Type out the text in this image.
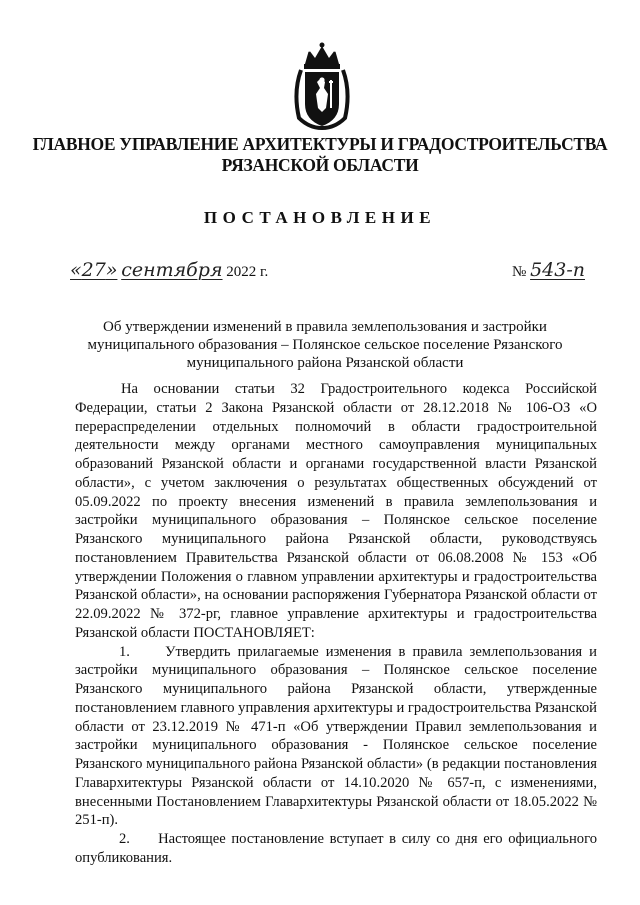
ГЛАВНОЕ УПРАВЛЕНИЕ АРХИТЕКТУРЫ И ГРАДОСТРОИТЕЛЬСТВА
РЯЗАНСКОЙ ОБЛАСТИ
ПОСТАНОВЛЕНИЕ
«27» сентября 2022 г.	№ 543-п
Об утверждении изменений в правила землепользования и застройки муниципального образования – Полянское сельское поселение Рязанского муниципального района Рязанской области

На основании статьи 32 Градостроительного кодекса Российской Федерации, статьи 2 Закона Рязанской области от 28.12.2018 № 106-ОЗ «О перераспределении отдельных полномочий в области градостроительной деятельности между органами местного самоуправления муниципальных образований Рязанской области и органами государственной власти Рязанской области», с учетом заключения о результатах общественных обсуждений от 05.09.2022 по проекту внесения изменений в правила землепользования и застройки муниципального образования – Полянское сельское поселение Рязанского муниципального района Рязанской области, руководствуясь постановлением Правительства Рязанской области от 06.08.2008 № 153 «Об утверждении Положения о главном управлении архитектуры и градостроительства Рязанской области», на основании распоряжения Губернатора Рязанской области от 22.09.2022 № 372-рг, главное управление архитектуры и градостроительства Рязанской области ПОСТАНОВЛЯЕТ:

1.     Утвердить прилагаемые изменения в правила землепользования и застройки муниципального образования – Полянское сельское поселение Рязанского муниципального района Рязанской области, утвержденные постановлением главного управления архитектуры и градостроительства Рязанской области от 23.12.2019 № 471-п «Об утверждении Правил землепользования и застройки муниципального образования - Полянское сельское поселение Рязанского муниципального района Рязанской области» (в редакции постановления Главархитектуры Рязанской области от 14.10.2020 № 657-п, с изменениями, внесенными Постановлением Главархитектуры Рязанской области от 18.05.2022 № 251-п).

2.     Настоящее постановление вступает в силу со дня его официального опубликования.
